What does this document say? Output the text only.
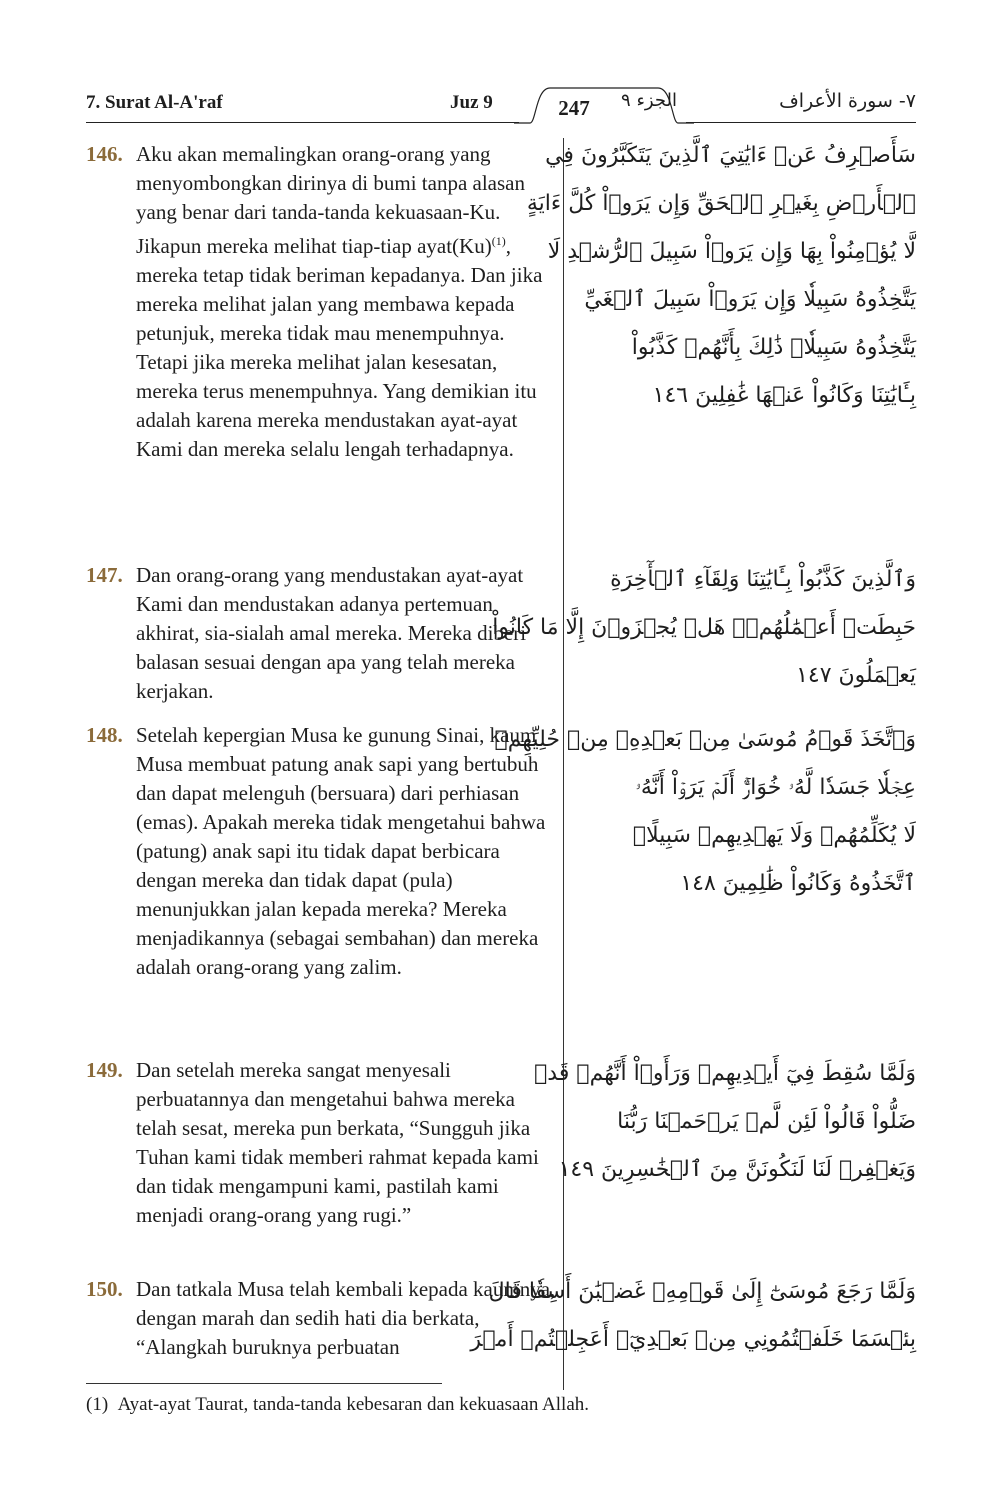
7. Surat Al-A'raf	Juz 9	247	الجزء ٩	٧- سورة الأعراف
146. Aku akan memalingkan orang-orang yang menyombongkan dirinya di bumi tanpa alasan yang benar dari tanda-tanda kekuasaan-Ku. Jikapun mereka melihat tiap-tiap $ayat(Ku)^{(1)}$, mereka tetap tidak beriman kepadanya. Dan jika mereka melihat jalan yang membawa kepada petunjuk, mereka tidak mau menempuhnya. Tetapi jika mereka melihat jalan kesesatan, mereka terus menempuhnya. Yang demikian itu adalah karena mereka mendustakan ayat-ayat Kami dan mereka selalu lengah terhadapnya.
سَأَصۡرِفُ عَنۡ ءَايَٰتِيَ ٱلَّذِينَ يَتَكَبَّرُونَ فِي
ٱلۡأَرۡضِ بِغَيۡرِ ٱلۡحَقِّ وَإِن يَرَوۡاْ كُلَّ ءَايَةٍ
لَّا يُؤۡمِنُواْ بِهَا وَإِن يَرَوۡاْ سَبِيلَ ٱلرُّشۡدِ لَا
يَتَّخِذُوهُ سَبِيلٗا وَإِن يَرَوۡاْ سَبِيلَ ٱلۡغَيِّ
يَتَّخِذُوهُ سَبِيلٗاۚ ذَٰلِكَ بِأَنَّهُمۡ كَذَّبُواْ
بِـَٔايَٰتِنَا وَكَانُواْ عَنۡهَا غَٰفِلِينَ ١٤٦
147. Dan orang-orang yang mendustakan ayat-ayat Kami dan mendustakan adanya pertemuan akhirat, sia-sialah amal mereka. Mereka diberi balasan sesuai dengan apa yang telah mereka kerjakan.
وَٱلَّذِينَ كَذَّبُواْ بِـَٔايَٰتِنَا وَلِقَآءِ ٱلۡأٓخِرَةِ
حَبِطَتۡ أَعۡمَٰلُهُمۡۚ هَلۡ يُجۡزَوۡنَ إِلَّا مَا كَانُواْ
يَعۡمَلُونَ ١٤٧
148. Setelah kepergian Musa ke gunung Sinai, kaum Musa membuat patung anak sapi yang bertubuh dan dapat melenguh (bersuara) dari perhiasan (emas). Apakah mereka tidak mengetahui bahwa (patung) anak sapi itu tidak dapat berbicara dengan mereka dan tidak dapat (pula) menunjukkan jalan kepada mereka? Mereka menjadikannya (sebagai sembahan) dan mereka adalah orang-orang yang zalim.
وَٱتَّخَذَ قَوۡمُ مُوسَىٰ مِنۢ بَعۡدِهِۦ مِنۡ حُلِيِّهِمۡ
عِجۡلٗا جَسَدٗا لَّهُۥ خُوَارٌۚ أَلَمۡ يَرَوۡاْ أَنَّهُۥ
لَا يُكَلِّمُهُمۡ وَلَا يَهۡدِيهِمۡ سَبِيلًاۘ
ٱتَّخَذُوهُ وَكَانُواْ ظَٰلِمِينَ ١٤٨
149. Dan setelah mereka sangat menyesali perbuatannya dan mengetahui bahwa mereka telah sesat, mereka pun berkata, “Sungguh jika Tuhan kami tidak memberi rahmat kepada kami dan tidak mengampuni kami, pastilah kami menjadi orang-orang yang rugi.”
وَلَمَّا سُقِطَ فِيٓ أَيۡدِيهِمۡ وَرَأَوۡاْ أَنَّهُمۡ قَدۡ
ضَلُّواْ قَالُواْ لَئِن لَّمۡ يَرۡحَمۡنَا رَبُّنَا
وَيَغۡفِرۡ لَنَا لَنَكُونَنَّ مِنَ ٱلۡخَٰسِرِينَ ١٤٩
150. Dan tatkala Musa telah kembali kepada kaumnya, dengan marah dan sedih hati dia berkata, “Alangkah buruknya perbuatan
وَلَمَّا رَجَعَ مُوسَىٰٓ إِلَىٰ قَوۡمِهِۦ غَضۡبَٰنَ أَسِفٗا قَالَ
بِئۡسَمَا خَلَفۡتُمُونِي مِنۢ بَعۡدِيٓۖ أَعَجِلۡتُمۡ أَمۡرَ
(1) Ayat-ayat Taurat, tanda-tanda kebesaran dan kekuasaan Allah.
